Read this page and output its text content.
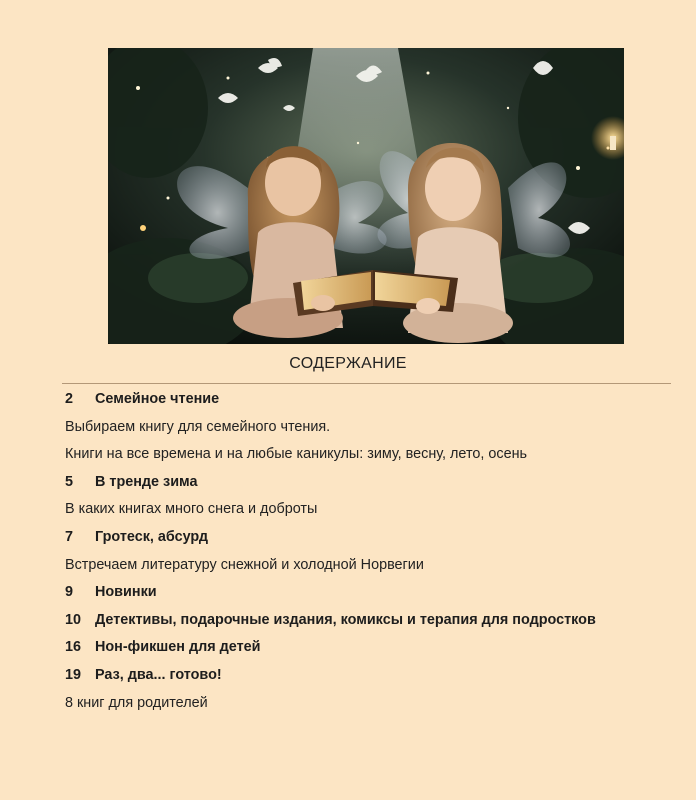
СОДЕРЖАНИЕ
2 Семейное чтение
Выбираем книгу для семейного чтения.
Книги на все времена и на любые каникулы: зиму, весну, лето, осень
5 В тренде зима
В каких книгах много снега и доброты
7 Гротеск, абсурд
Встречаем литературу снежной и холодной Норвегии
9 Новинки
10 Детективы, подарочные издания, комиксы и терапия для подростков
16 Нон-фикшен для детей
19 Раз, два... готово!
8 книг для родителей
